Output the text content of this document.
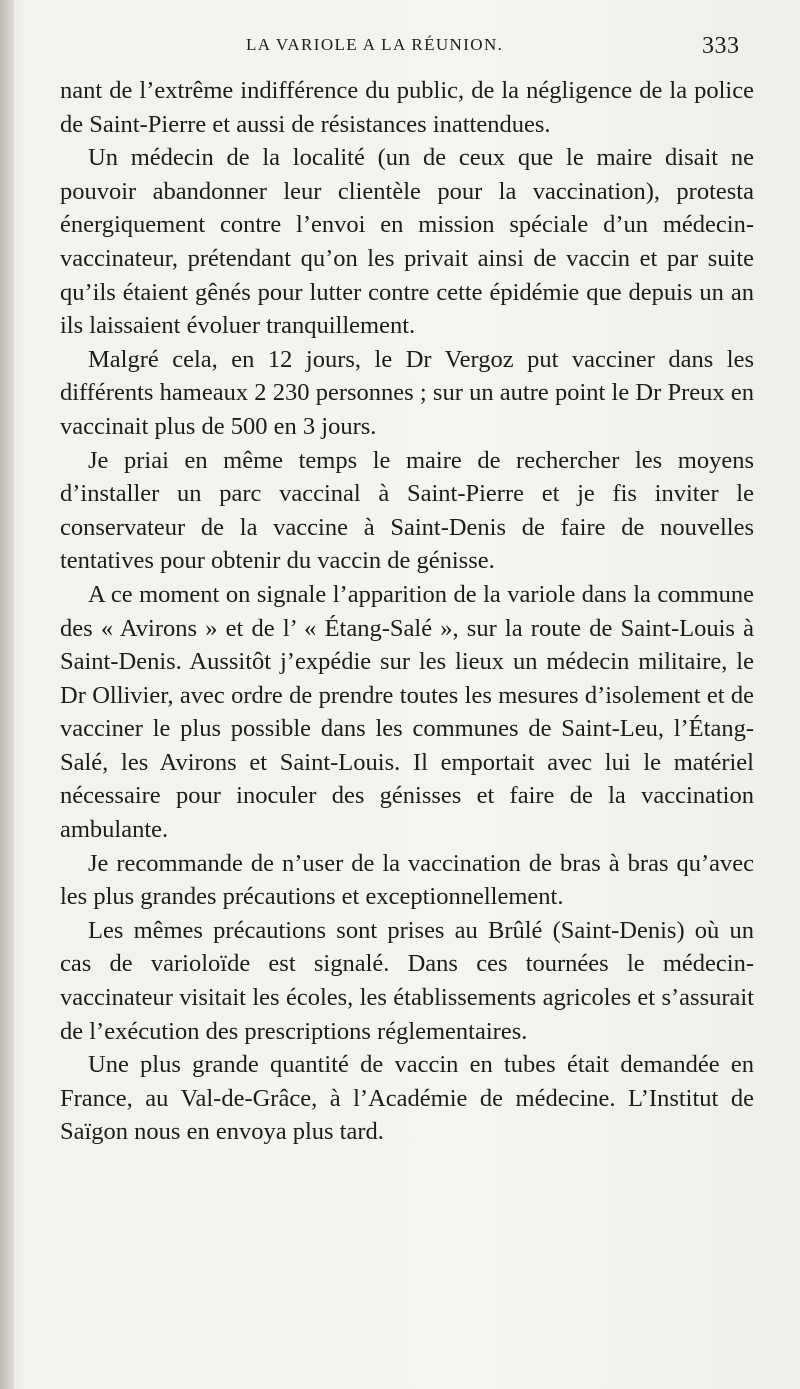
LA VARIOLE A LA RÉUNION.	333

nant de l’extrême indifférence du public, de la négligence de la police de Saint-Pierre et aussi de résistances inattendues.

Un médecin de la localité (un de ceux que le maire disait ne pouvoir abandonner leur clientèle pour la vaccination), protesta énergiquement contre l’envoi en mission spéciale d’un médecin-vaccinateur, prétendant qu’on les privait ainsi de vaccin et par suite qu’ils étaient gênés pour lutter contre cette épidémie que depuis un an ils laissaient évoluer tranquillement.

Malgré cela, en 12 jours, le Dr Vergoz put vacciner dans les différents hameaux 2 230 personnes ; sur un autre point le Dr Preux en vaccinait plus de 500 en 3 jours.

Je priai en même temps le maire de rechercher les moyens d’installer un parc vaccinal à Saint-Pierre et je fis inviter le conservateur de la vaccine à Saint-Denis de faire de nouvelles tentatives pour obtenir du vaccin de génisse.

A ce moment on signale l’apparition de la variole dans la commune des « Avirons » et de l’ « Étang-Salé », sur la route de Saint-Louis à Saint-Denis. Aussitôt j’expédie sur les lieux un médecin militaire, le Dr Ollivier, avec ordre de prendre toutes les mesures d’isolement et de vacciner le plus possible dans les communes de Saint-Leu, l’Étang-Salé, les Avirons et Saint-Louis. Il emportait avec lui le matériel nécessaire pour inoculer des génisses et faire de la vaccination ambulante.

Je recommande de n’user de la vaccination de bras à bras qu’avec les plus grandes précautions et exceptionnellement.

Les mêmes précautions sont prises au Brûlé (Saint-Denis) où un cas de varioloïde est signalé. Dans ces tournées le médecin-vaccinateur visitait les écoles, les établissements agricoles et s’assurait de l’exécution des prescriptions réglementaires.

Une plus grande quantité de vaccin en tubes était demandée en France, au Val-de-Grâce, à l’Académie de médecine. L’Institut de Saïgon nous en envoya plus tard.
